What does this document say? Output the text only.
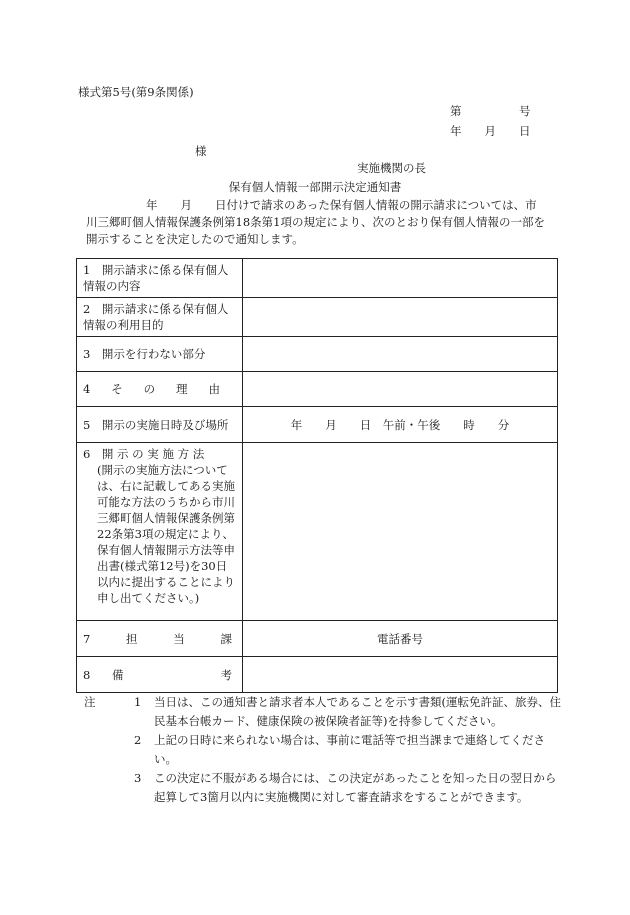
様式第5号(第9条関係)
第　　　　　号
年　　月　　日
様
実施機関の長
保有個人情報一部開示決定通知書

年　　月　　日付けで請求のあった保有個人情報の開示請求については、市

川三郷町個人情報保護条例第18条第1項の規定により、次のとおり保有個人情報の一部を

開示することを決定したので通知します。

1　開示請求に係る保有個人情報の内容	
2　開示請求に係る保有個人情報の利用目的	
3　開示を行わない部分	

4 そ の 理 由	

5　開示の実施日時及び場所	年　　月　　日　午前・午後　　時　　分

6　開 示 の 実 施 方 法
(開示の実施方法については、右に記載してある実施可能な方法のうちから市川三郷町個人情報保護条例第22条第3項の規定により、保有個人情報開示方法等申出書(様式第12号)を30日以内に提出することにより申し出てください。)	

7 担 当 課	電話番号

8 備 考	

注	1	当日は、この通知書と請求者本人であることを示す書類(運転免許証、旅券、住民基本台帳カード、健康保険の被保険者証等)を持参してください。
2	上記の日時に来られない場合は、事前に電話等で担当課まで連絡してください。
3	この決定に不服がある場合には、この決定があったことを知った日の翌日から起算して3箇月以内に実施機関に対して審査請求をすることができます。
